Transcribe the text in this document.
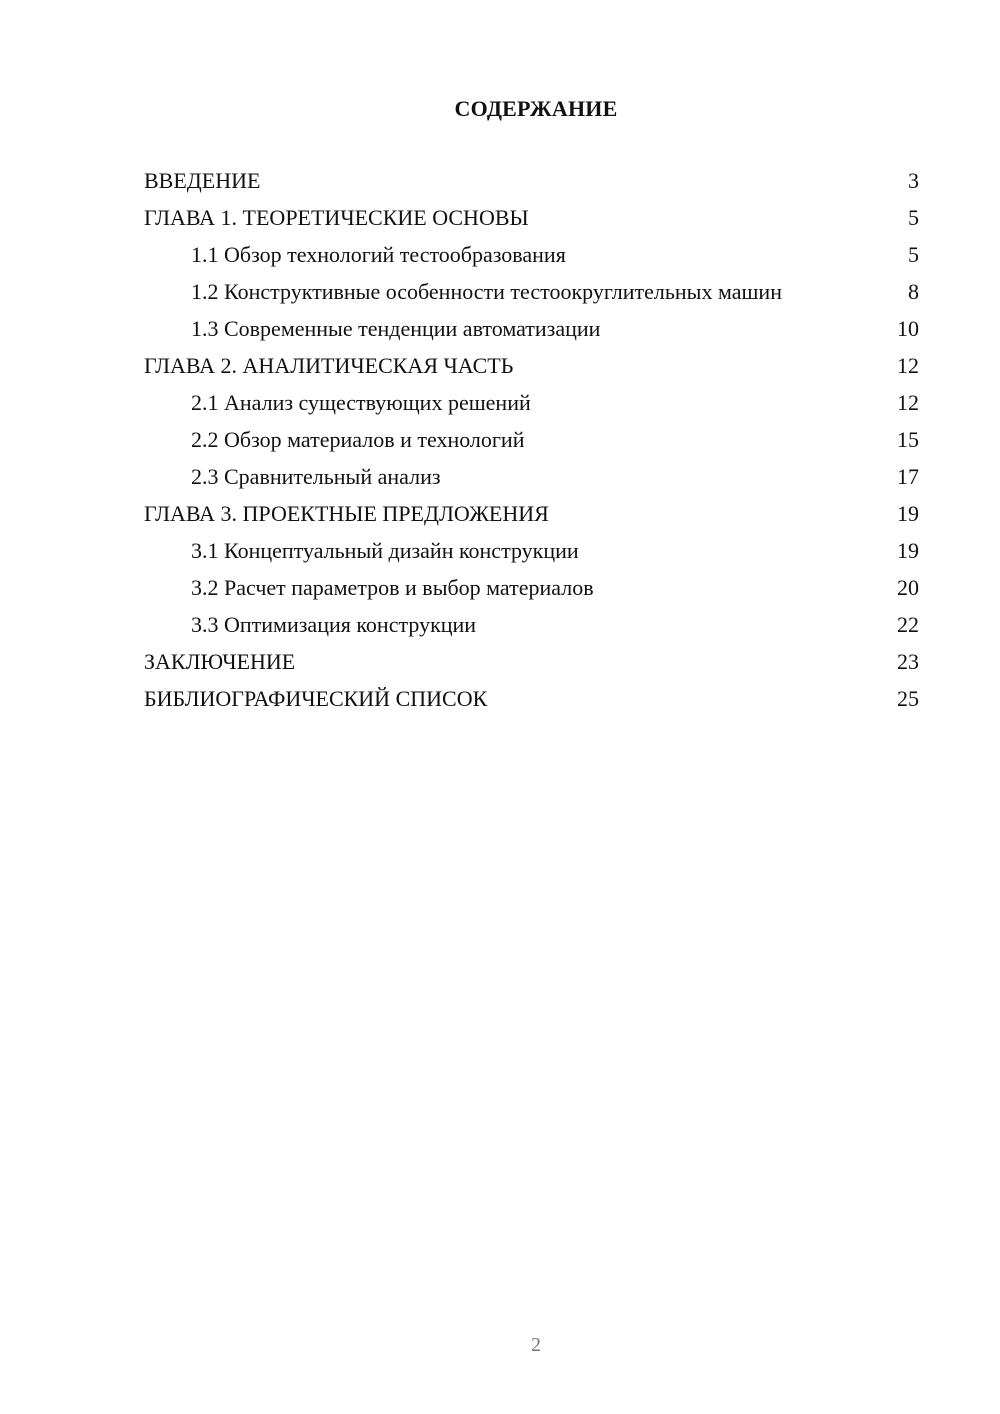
СОДЕРЖАНИЕ
ВВЕДЕНИЕ	3
ГЛАВА 1. ТЕОРЕТИЧЕСКИЕ ОСНОВЫ	5
1.1 Обзор технологий тестообразования	5
1.2 Конструктивные особенности тестоокруглительных машин	8
1.3 Современные тенденции автоматизации	10
ГЛАВА 2. АНАЛИТИЧЕСКАЯ ЧАСТЬ	12
2.1 Анализ существующих решений	12
2.2 Обзор материалов и технологий	15
2.3 Сравнительный анализ	17
ГЛАВА 3. ПРОЕКТНЫЕ ПРЕДЛОЖЕНИЯ	19
3.1 Концептуальный дизайн конструкции	19
3.2 Расчет параметров и выбор материалов	20
3.3 Оптимизация конструкции	22
ЗАКЛЮЧЕНИЕ	23
БИБЛИОГРАФИЧЕСКИЙ СПИСОК	25
2
